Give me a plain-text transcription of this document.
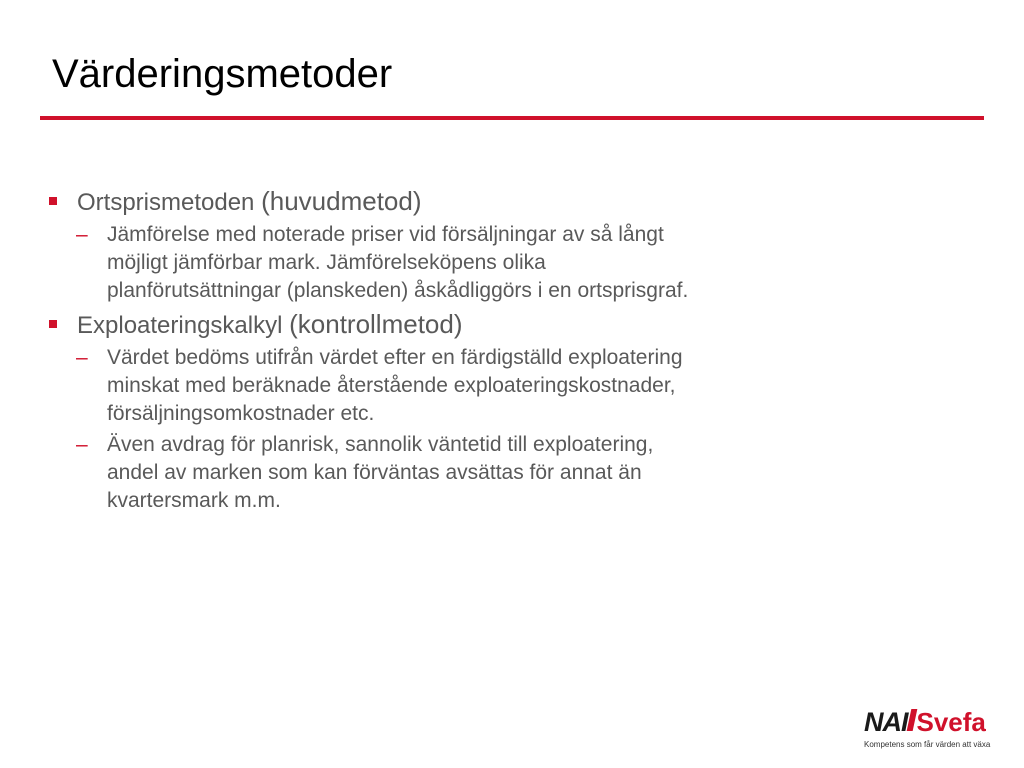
Värderingsmetoder
Ortsprismetoden (huvudmetod)
– Jämförelse med noterade priser vid försäljningar av så långt möjligt jämförbar mark. Jämförelseköpens olika planförutsättningar (planskeden) åskådliggörs i en ortsprisgraf.
Exploateringskalkyl (kontrollmetod)
– Värdet bedöms utifrån värdet efter en färdigställd exploatering minskat med beräknade återstående exploateringskostnader, försäljningsomkostnader etc.
– Även avdrag för planrisk, sannolik väntetid till exploatering, andel av marken som kan förväntas avsättas för annat än kvartersmark m.m.
NAI Svefa
Kompetens som får värden att växa
